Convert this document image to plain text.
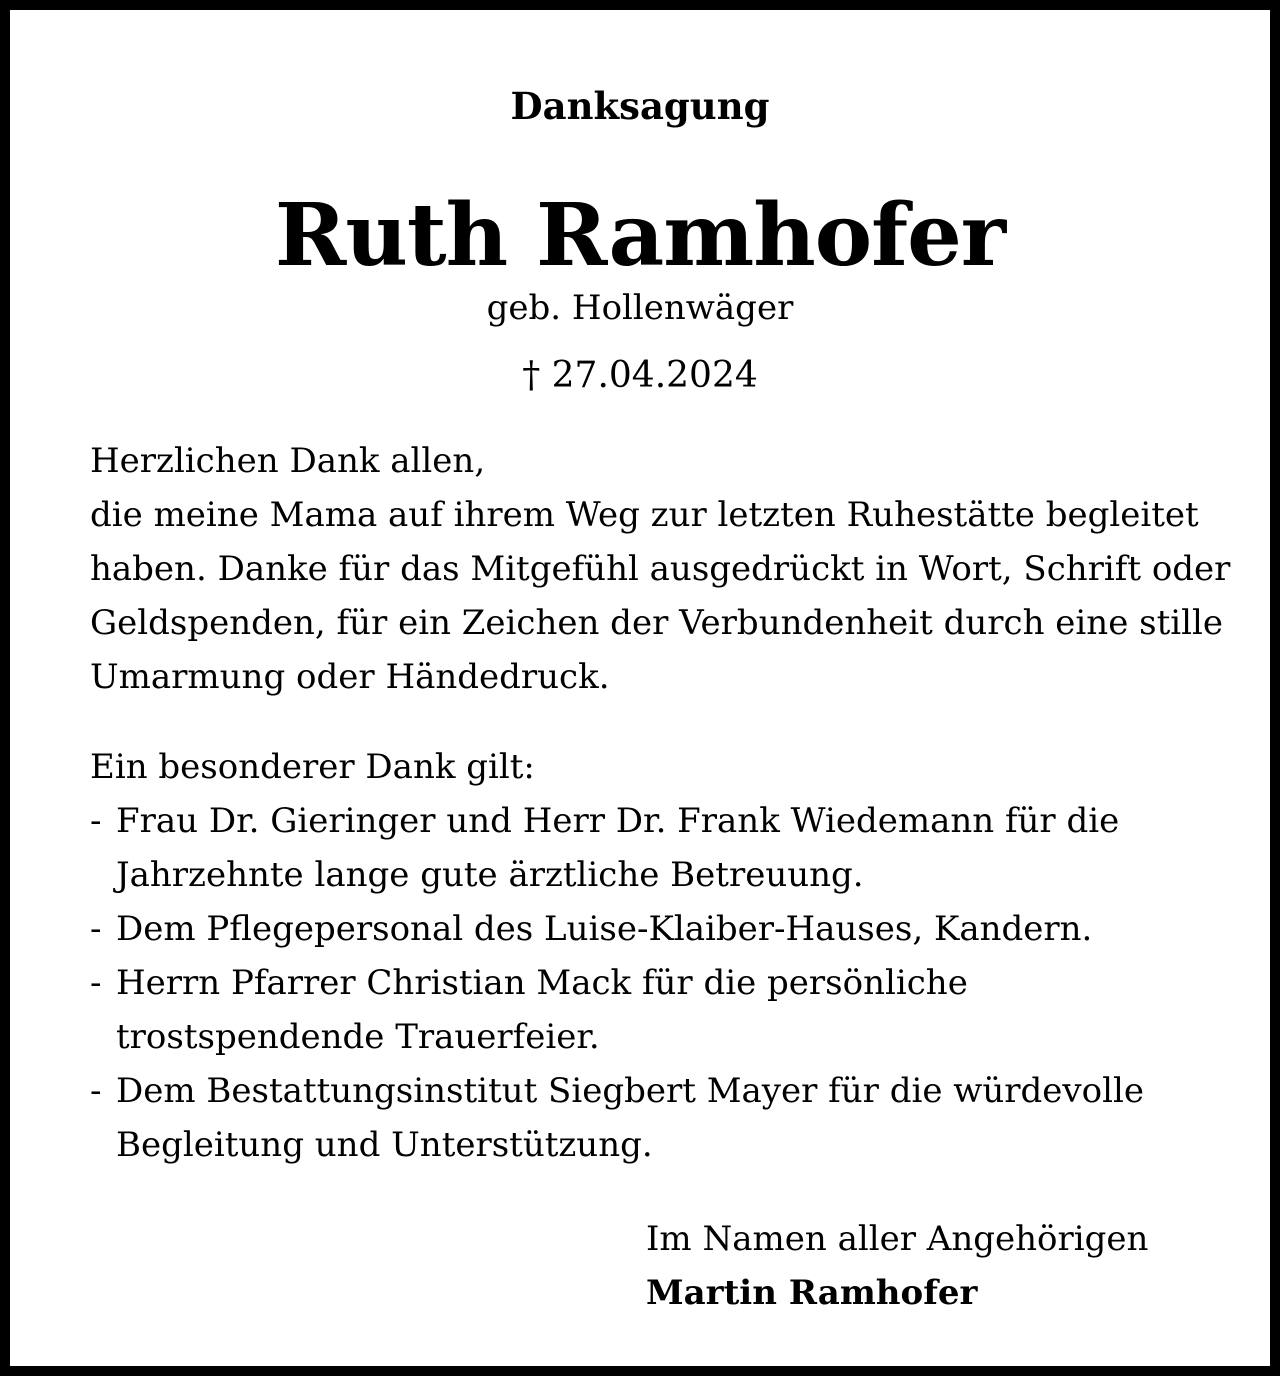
Danksagung
Ruth Ramhofer
geb. Hollenwäger
† 27.04.2024
Herzlichen Dank allen,
die meine Mama auf ihrem Weg zur letzten Ruhestätte begleitet
haben. Danke für das Mitgefühl ausgedrückt in Wort, Schrift oder
Geldspenden, für ein Zeichen der Verbundenheit durch eine stille
Umarmung oder Händedruck.
Ein besonderer Dank gilt:
- Frau Dr. Gieringer und Herr Dr. Frank Wiedemann für die
Jahrzehnte lange gute ärztliche Betreuung.
- Dem Pflegepersonal des Luise-Klaiber-Hauses, Kandern.
- Herrn Pfarrer Christian Mack für die persönliche
trostspendende Trauerfeier.
- Dem Bestattungsinstitut Siegbert Mayer für die würdevolle
Begleitung und Unterstützung.
Im Namen aller Angehörigen
Martin Ramhofer
